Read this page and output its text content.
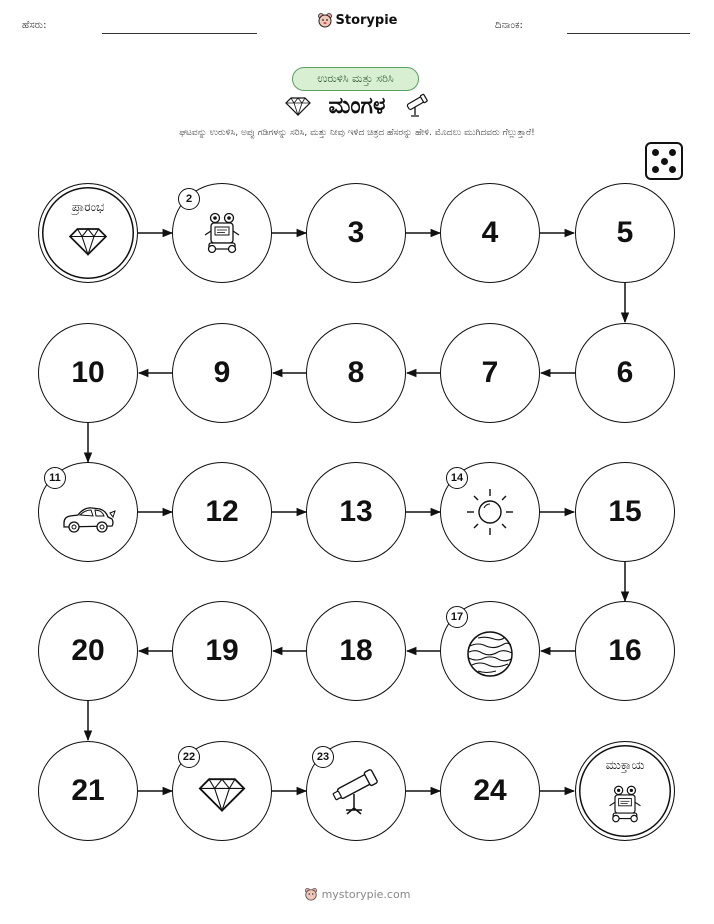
ಹೆಸರು:	Storypie	ದಿನಾಂಕ:
ಉರುಳಿಸಿ ಮತ್ತು ಸರಿಸಿ
ಮಂಗಳ
ಘಟವನ್ನು ಉರುಳಿಸಿ, ಅಪ್ಪು ಗಡಿಗಳನ್ನು ಸರಿಸಿ, ಮತ್ತು ನೀವು ಇಳಿದ ಚಿತ್ರದ ಹೆಸರನ್ನು ಹೇಳಿ. ಮೊದಲು ಮುಗಿದವರು ಗೆಲ್ಲುತ್ತಾರೆ!
ಪ್ರಾರಂಭ
2
3	4	5
6
7
8
9
10
11
12	13
14
15
16
17
18
19
20
21
22	23
24
ಮುಕ್ತಾಯ
mystorypie.com
